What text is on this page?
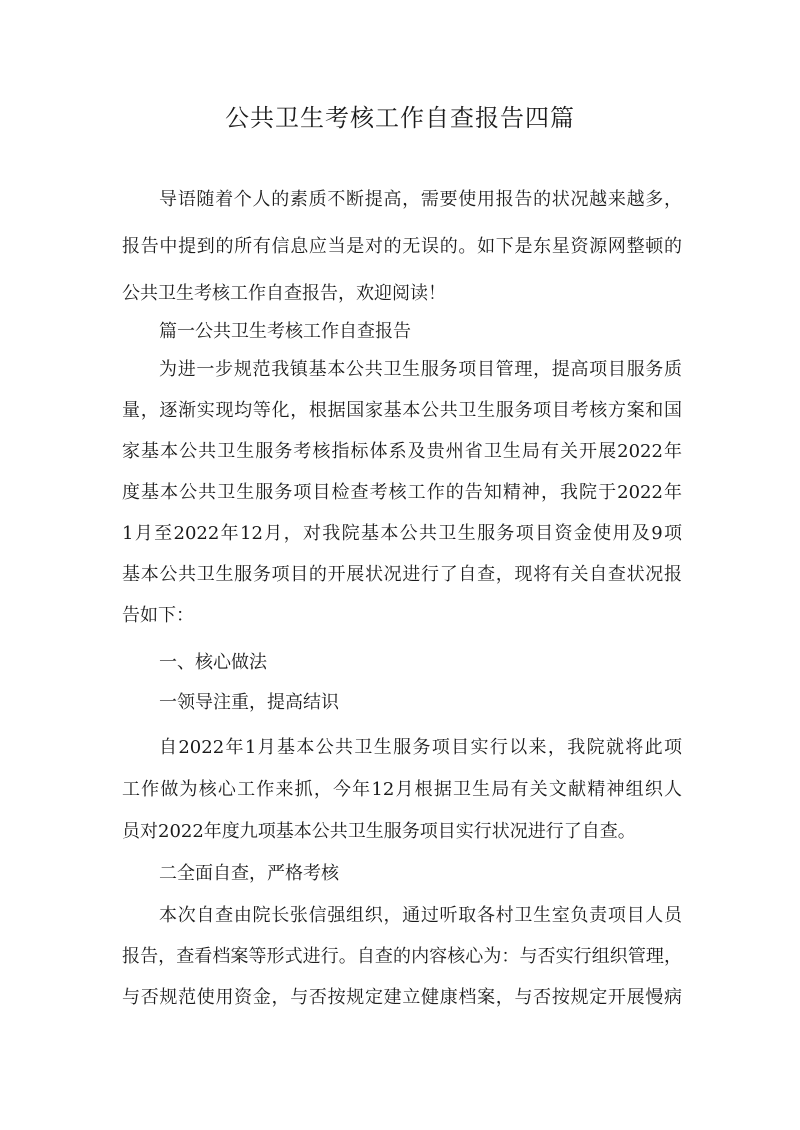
公共卫生考核工作自查报告四篇

导语随着个人的素质不断提高，需要使用报告的状况越来越多，

报告中提到的所有信息应当是对的无误的。如下是东星资源网整顿的

公共卫生考核工作自查报告，欢迎阅读！

篇一公共卫生考核工作自查报告

为进一步规范我镇基本公共卫生服务项目管理，提高项目服务质

量，逐渐实现均等化，根据国家基本公共卫生服务项目考核方案和国

家基本公共卫生服务考核指标体系及贵州省卫生局有关开展2022年

度基本公共卫生服务项目检查考核工作的告知精神，我院于2022年

1月至2022年12月，对我院基本公共卫生服务项目资金使用及9项

基本公共卫生服务项目的开展状况进行了自查，现将有关自查状况报

告如下：

一、核心做法

一领导注重，提高结识

自2022年1月基本公共卫生服务项目实行以来，我院就将此项

工作做为核心工作来抓，今年12月根据卫生局有关文献精神组织人

员对2022年度九项基本公共卫生服务项目实行状况进行了自查。

二全面自查，严格考核

本次自查由院长张信强组织，通过听取各村卫生室负责项目人员

报告，查看档案等形式进行。自查的内容核心为：与否实行组织管理，

与否规范使用资金，与否按规定建立健康档案，与否按规定开展慢病
